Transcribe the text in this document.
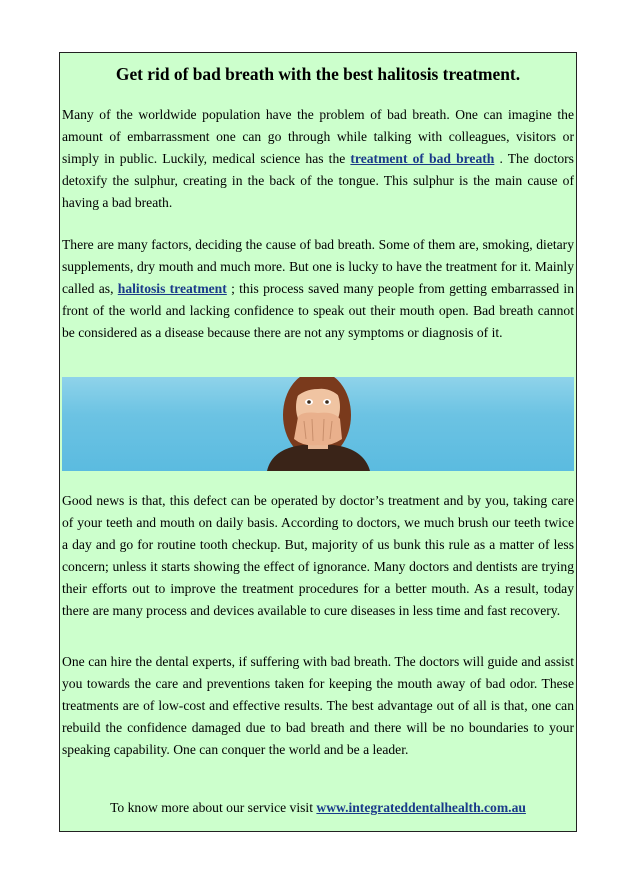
Get rid of bad breath with the best halitosis treatment.

Many of the worldwide population have the problem of bad breath. One can imagine the amount of embarrassment one can go through while talking with colleagues, visitors or simply in public. Luckily, medical science has the treatment of bad breath . The doctors detoxify the sulphur, creating in the back of the tongue. This sulphur is the main cause of having a bad breath.

There are many factors, deciding the cause of bad breath. Some of them are, smoking, dietary supplements, dry mouth and much more. But one is lucky to have the treatment for it. Mainly called as, halitosis treatment ; this process saved many people from getting embarrassed in front of the world and lacking confidence to speak out their mouth open. Bad breath cannot be considered as a disease because there are not any symptoms or diagnosis of it.

Good news is that, this defect can be operated by doctor’s treatment and by you, taking care of your teeth and mouth on daily basis. According to doctors, we much brush our teeth twice a day and go for routine tooth checkup. But, majority of us bunk this rule as a matter of less concern; unless it starts showing the effect of ignorance. Many doctors and dentists are trying their efforts out to improve the treatment procedures for a better mouth. As a result, today there are many process and devices available to cure diseases in less time and fast recovery.

One can hire the dental experts, if suffering with bad breath. The doctors will guide and assist you towards the care and preventions taken for keeping the mouth away of bad odor. These treatments are of low-cost and effective results. The best advantage out of all is that, one can rebuild the confidence damaged due to bad breath and there will be no boundaries to your speaking capability. One can conquer the world and be a leader.

To know more about our service visit www.integrateddentalhealth.com.au
